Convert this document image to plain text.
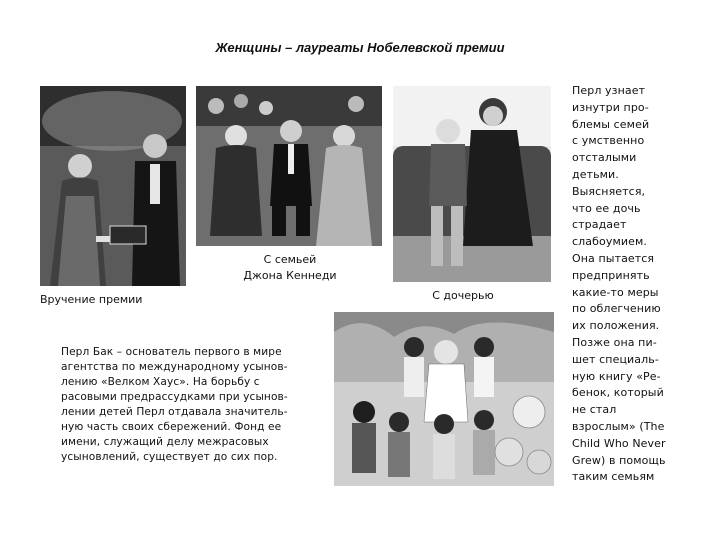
Женщины – лауреаты Нобелевской премии
Вручение премии
С семьей
Джона Кеннеди
С дочерью
Перл Бак – основатель первого в мире
агентства по международному усынов-
лению «Велком Хаус». На борьбу с
расовыми предрассудками при усынов-
лении детей Перл отдавала значитель-
ную часть своих сбережений. Фонд ее
имени, служащий делу межрасовых
усыновлений, существует до сих пор.
Перл узнает
изнутри про-
блемы семей
с умственно
отсталыми
детьми.
Выясняется,
что ее дочь
страдает
слабоумием.
Она пытается
предпринять
какие-то меры
по облегчению
их положения.
Позже она пи-
шет специаль-
ную книгу «Ре-
бенок, который
не стал
взрослым» (The
Child Who Never
Grew) в помощь
таким семьям
